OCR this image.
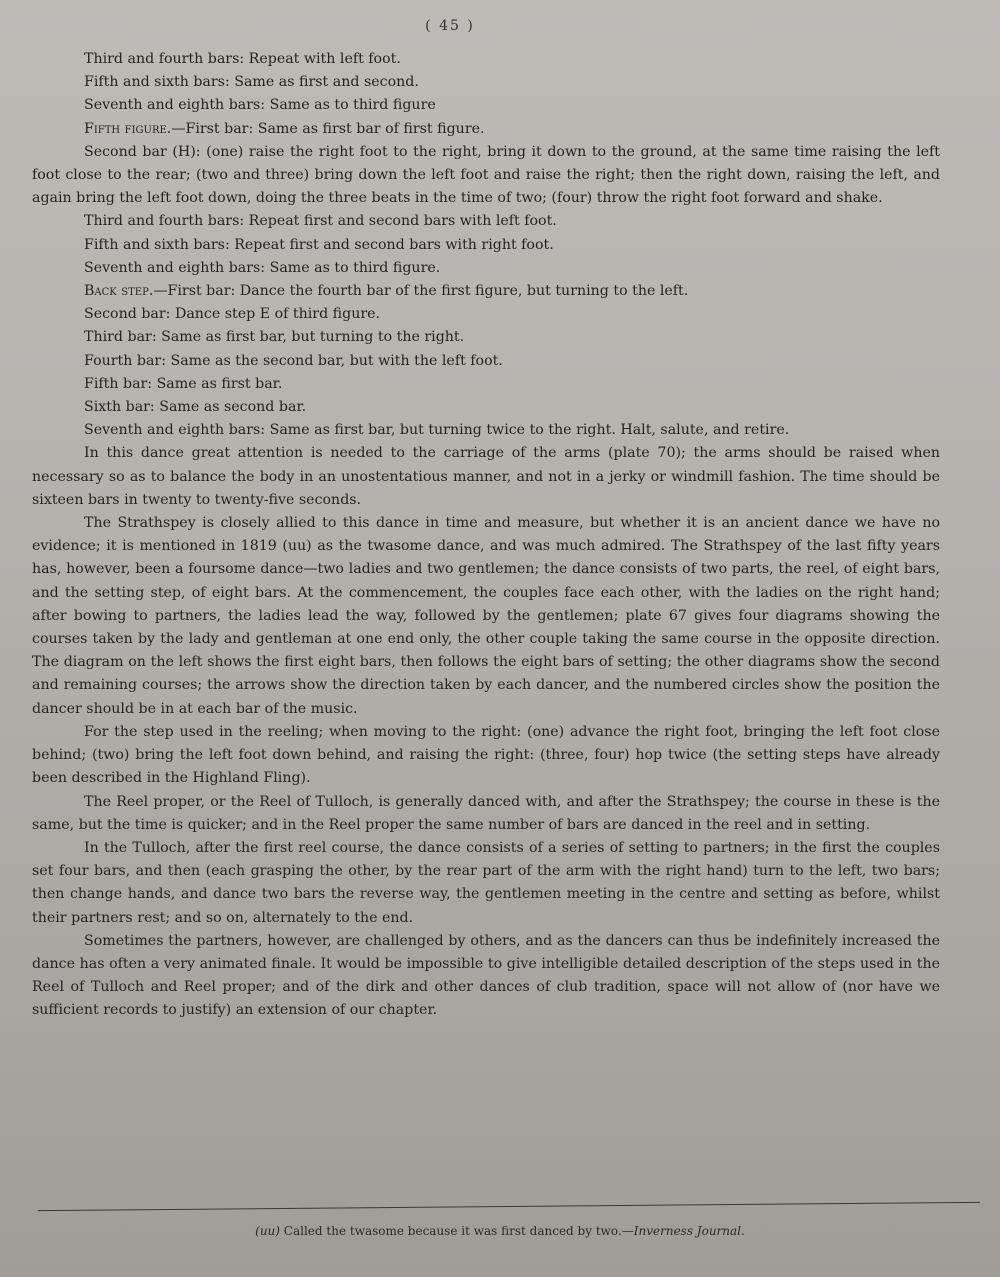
( 45 )

Third and fourth bars: Repeat with left foot.

Fifth and sixth bars: Same as first and second.

Seventh and eighth bars: Same as to third figure

Fifth figure.—First bar: Same as first bar of first figure.

Second bar (H): (one) raise the right foot to the right, bring it down to the ground, at the same time raising the left foot close to the rear; (two and three) bring down the left foot and raise the right; then the right down, raising the left, and again bring the left foot down, doing the three beats in the time of two; (four) throw the right foot forward and shake.

Third and fourth bars: Repeat first and second bars with left foot.

Fifth and sixth bars: Repeat first and second bars with right foot.

Seventh and eighth bars: Same as to third figure.

Back step.—First bar: Dance the fourth bar of the first figure, but turning to the left.

Second bar: Dance step E of third figure.

Third bar: Same as first bar, but turning to the right.

Fourth bar: Same as the second bar, but with the left foot.

Fifth bar: Same as first bar.

Sixth bar: Same as second bar.

Seventh and eighth bars: Same as first bar, but turning twice to the right. Halt, salute, and retire.

In this dance great attention is needed to the carriage of the arms (plate 70); the arms should be raised when necessary so as to balance the body in an unostentatious manner, and not in a jerky or windmill fashion. The time should be sixteen bars in twenty to twenty-five seconds.

The Strathspey is closely allied to this dance in time and measure, but whether it is an ancient dance we have no evidence; it is mentioned in 1819 (uu) as the twasome dance, and was much admired. The Strathspey of the last fifty years has, however, been a foursome dance—two ladies and two gentlemen; the dance consists of two parts, the reel, of eight bars, and the setting step, of eight bars. At the commencement, the couples face each other, with the ladies on the right hand; after bowing to partners, the ladies lead the way, followed by the gentlemen; plate 67 gives four diagrams showing the courses taken by the lady and gentleman at one end only, the other couple taking the same course in the opposite direction. The diagram on the left shows the first eight bars, then follows the eight bars of setting; the other diagrams show the second and remaining courses; the arrows show the direction taken by each dancer, and the numbered circles show the position the dancer should be in at each bar of the music.

For the step used in the reeling; when moving to the right: (one) advance the right foot, bringing the left foot close behind; (two) bring the left foot down behind, and raising the right: (three, four) hop twice (the setting steps have already been described in the Highland Fling).

The Reel proper, or the Reel of Tulloch, is generally danced with, and after the Strathspey; the course in these is the same, but the time is quicker; and in the Reel proper the same number of bars are danced in the reel and in setting.

In the Tulloch, after the first reel course, the dance consists of a series of setting to partners; in the first the couples set four bars, and then (each grasping the other, by the rear part of the arm with the right hand) turn to the left, two bars; then change hands, and dance two bars the reverse way, the gentlemen meeting in the centre and setting as before, whilst their partners rest; and so on, alternately to the end.

Sometimes the partners, however, are challenged by others, and as the dancers can thus be indefinitely increased the dance has often a very animated finale. It would be impossible to give intelligible detailed description of the steps used in the Reel of Tulloch and Reel proper; and of the dirk and other dances of club tradition, space will not allow of (nor have we sufficient records to justify) an extension of our chapter.

(uu) Called the twasome because it was first danced by two.—Inverness Journal.
